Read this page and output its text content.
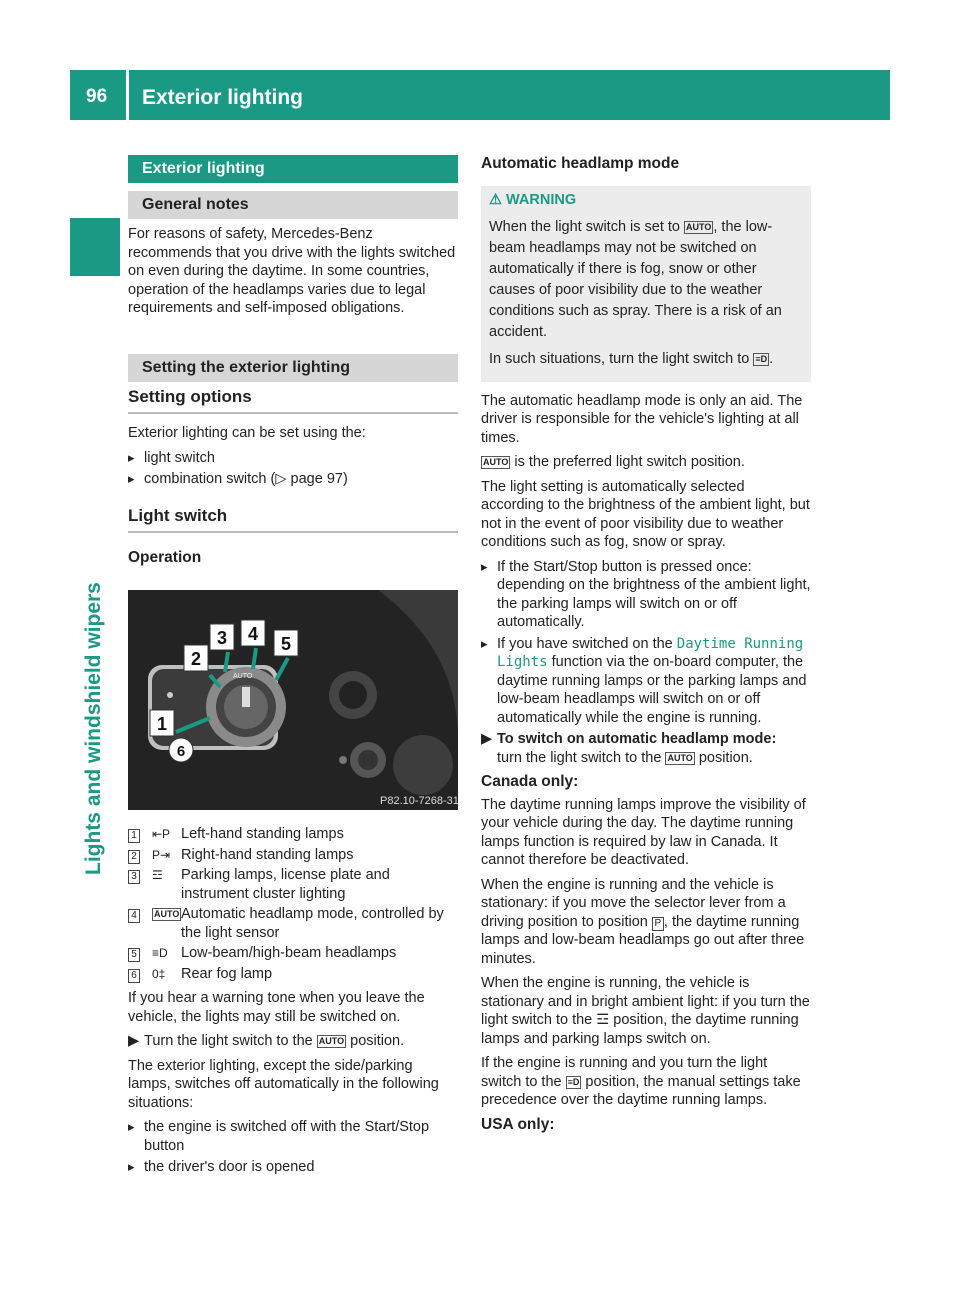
96 Exterior lighting
Lights and windshield wipers
Exterior lighting
General notes

For reasons of safety, Mercedes-Benz recommends that you drive with the lights switched on even during the daytime. In some countries, operation of the headlamps varies due to legal requirements and self-imposed obligations.

Setting the exterior lighting
Setting options

Exterior lighting can be set using the:

▸ light switch
▸ combination switch (▷ page 97)
Light switch
Operation
1
2
3 4 5
6
AUTO
P82.10-7268-31
1	⇤P Left-hand standing lamps
2	P⇥ Right-hand standing lamps
3	☲	Parking lamps, license plate and instrument cluster lighting
4	AUTO Automatic headlamp mode, controlled by the light sensor
5	≡D Low-beam/high-beam headlamps
6	0‡	Rear fog lamp

If you hear a warning tone when you leave the vehicle, the lights may still be switched on.

▶ Turn the light switch to the AUTO position.

The exterior lighting, except the side/parking lamps, switches off automatically in the following situations:

▸ the engine is switched off with the Start/Stop button
▸ the driver's door is opened
Automatic headlamp mode
⚠ WARNING

When the light switch is set to AUTO , the low-beam headlamps may not be switched on automatically if there is fog, snow or other causes of poor visibility due to the weather conditions such as spray. There is a risk of an accident.

In such situations, turn the light switch to ≡D .

The automatic headlamp mode is only an aid. The driver is responsible for the vehicle's lighting at all times.

AUTO is the preferred light switch position.

The light setting is automatically selected according to the brightness of the ambient light, but not in the event of poor visibility due to weather conditions such as fog, snow or spray.

▸ If the Start/Stop button is pressed once: depending on the brightness of the ambient light, the parking lamps will switch on or off automatically.
▸ If you have switched on the Daytime Running Lights function via the on-board computer, the daytime running lamps or the parking lamps and low-beam headlamps will switch on or off automatically while the engine is running.
▶ To switch on automatic headlamp mode:
turn the light switch to the AUTO position.
Canada only:

The daytime running lamps improve the visibility of your vehicle during the day. The daytime running lamps function is required by law in Canada. It cannot therefore be deactivated.

When the engine is running and the vehicle is stationary: if you move the selector lever from a driving position to position P , the daytime running lamps and low-beam headlamps go out after three minutes.

When the engine is running, the vehicle is stationary and in bright ambient light: if you turn the light switch to the ☲ position, the daytime running lamps and parking lamps switch on.

If the engine is running and you turn the light switch to the ≡D position, the manual settings take precedence over the daytime running lamps.

USA only:
